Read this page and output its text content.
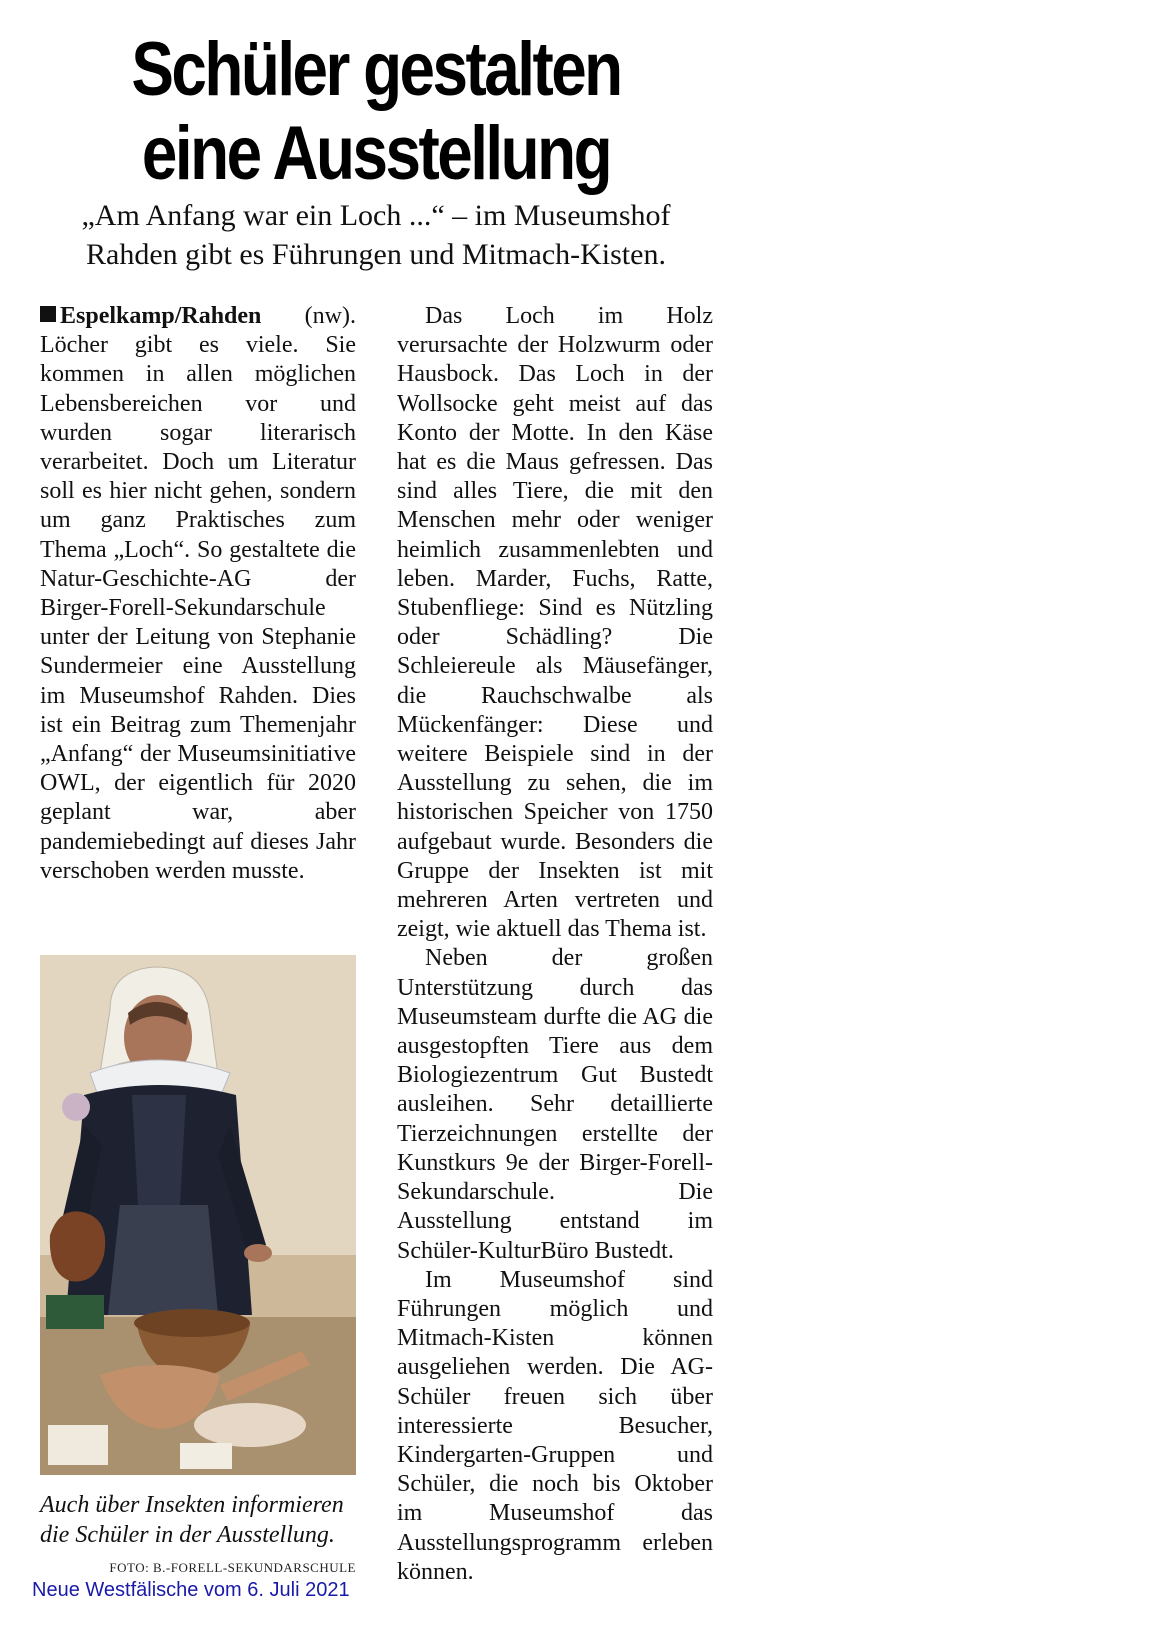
Schüler gestalten eine Ausstellung

„Am Anfang war ein Loch ...“ – im Museumshof Rahden gibt es Führungen und Mitmach-Kisten.

Espelkamp/Rahden (nw). Löcher gibt es viele. Sie kommen in allen möglichen Lebensbereichen vor und wurden sogar literarisch verarbeitet. Doch um Literatur soll es hier nicht gehen, sondern um ganz Praktisches zum Thema „Loch“. So gestaltete die Natur-Geschichte-AG der Birger-Forell-Sekundarschule unter der Leitung von Stephanie Sundermeier eine Ausstellung im Museumshof Rahden. Dies ist ein Beitrag zum Themenjahr „Anfang“ der Museumsinitiative OWL, der eigentlich für 2020 geplant war, aber pandemiebedingt auf dieses Jahr verschoben werden musste.

Auch über Insekten informieren die Schüler in der Ausstellung.

FOTO: B.-FORELL-SEKUNDARSCHULE

Das Loch im Holz verursachte der Holzwurm oder Hausbock. Das Loch in der Wollsocke geht meist auf das Konto der Motte. In den Käse hat es die Maus gefressen. Das sind alles Tiere, die mit den Menschen mehr oder weniger heimlich zusammenlebten und leben. Marder, Fuchs, Ratte, Stubenfliege: Sind es Nützling oder Schädling? Die Schleiereule als Mäusefänger, die Rauchschwalbe als Mückenfänger: Diese und weitere Beispiele sind in der Ausstellung zu sehen, die im historischen Speicher von 1750 aufgebaut wurde. Besonders die Gruppe der Insekten ist mit mehreren Arten vertreten und zeigt, wie aktuell das Thema ist.

Neben der großen Unterstützung durch das Museumsteam durfte die AG die ausgestopften Tiere aus dem Biologiezentrum Gut Bustedt ausleihen. Sehr detaillierte Tierzeichnungen erstellte der Kunstkurs 9e der Birger-Forell-Sekundarschule. Die Ausstellung entstand im Schüler-KulturBüro Bustedt.

Im Museumshof sind Führungen möglich und Mitmach-Kisten können ausgeliehen werden. Die AG-Schüler freuen sich über interessierte Besucher, Kindergarten-Gruppen und Schüler, die noch bis Oktober im Museumshof das Ausstellungsprogramm erleben können.

Neue Westfälische vom 6. Juli 2021
